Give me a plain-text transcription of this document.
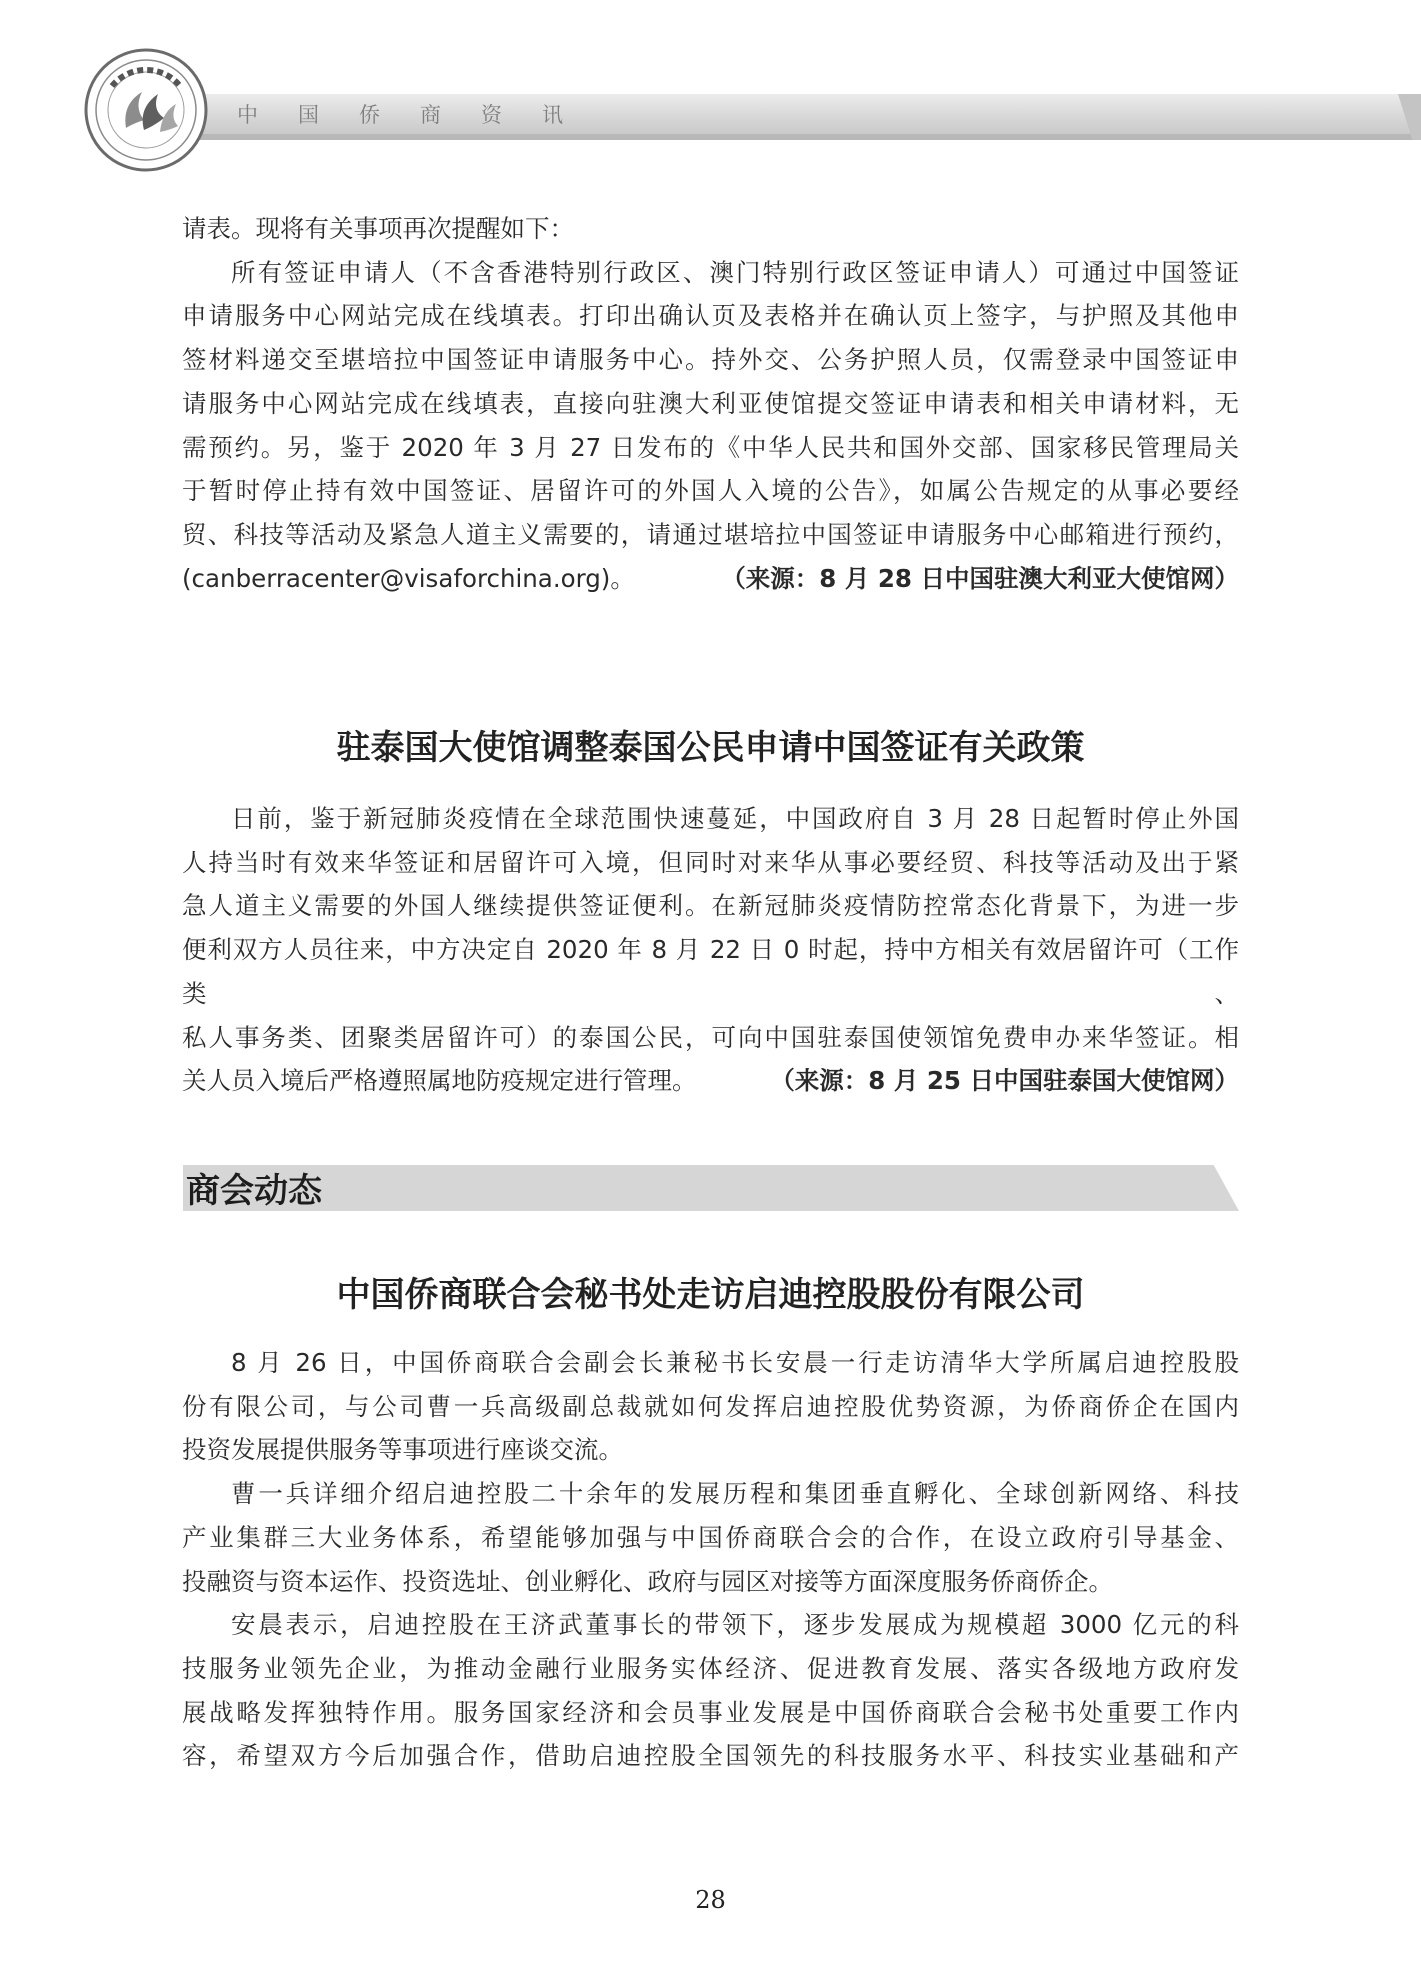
中国侨商资讯

请表。现将有关事项再次提醒如下：

所有签证申请人（不含香港特别行政区、澳门特别行政区签证申请人）可通过中国签证

申请服务中心网站完成在线填表。打印出确认页及表格并在确认页上签字，与护照及其他申

签材料递交至堪培拉中国签证申请服务中心。持外交、公务护照人员，仅需登录中国签证申

请服务中心网站完成在线填表，直接向驻澳大利亚使馆提交签证申请表和相关申请材料，无

需预约。另，鉴于 2020 年 3 月 27 日发布的《中华人民共和国外交部、国家移民管理局关

于暂时停止持有效中国签证、居留许可的外国人入境的公告》，如属公告规定的从事必要经

贸、科技等活动及紧急人道主义需要的，请通过堪培拉中国签证申请服务中心邮箱进行预约，

(canberracenter@visaforchina.org)。	（来源：8 月 28 日中国驻澳大利亚大使馆网）
驻泰国大使馆调整泰国公民申请中国签证有关政策

日前，鉴于新冠肺炎疫情在全球范围快速蔓延，中国政府自 3 月 28 日起暂时停止外国

人持当时有效来华签证和居留许可入境，但同时对来华从事必要经贸、科技等活动及出于紧

急人道主义需要的外国人继续提供签证便利。在新冠肺炎疫情防控常态化背景下，为进一步

便利双方人员往来，中方决定自 2020 年 8 月 22 日 0 时起，持中方相关有效居留许可（工作类、

私人事务类、团聚类居留许可）的泰国公民，可向中国驻泰国使领馆免费申办来华签证。相

关人员入境后严格遵照属地防疫规定进行管理。	（来源：8 月 25 日中国驻泰国大使馆网）
商会动态
中国侨商联合会秘书处走访启迪控股股份有限公司

8 月 26 日，中国侨商联合会副会长兼秘书长安晨一行走访清华大学所属启迪控股股

份有限公司，与公司曹一兵高级副总裁就如何发挥启迪控股优势资源，为侨商侨企在国内

投资发展提供服务等事项进行座谈交流。

曹一兵详细介绍启迪控股二十余年的发展历程和集团垂直孵化、全球创新网络、科技

产业集群三大业务体系，希望能够加强与中国侨商联合会的合作，在设立政府引导基金、

投融资与资本运作、投资选址、创业孵化、政府与园区对接等方面深度服务侨商侨企。

安晨表示，启迪控股在王济武董事长的带领下，逐步发展成为规模超 3000 亿元的科

技服务业领先企业，为推动金融行业服务实体经济、促进教育发展、落实各级地方政府发

展战略发挥独特作用。服务国家经济和会员事业发展是中国侨商联合会秘书处重要工作内

容，希望双方今后加强合作，借助启迪控股全国领先的科技服务水平、科技实业基础和产

28
